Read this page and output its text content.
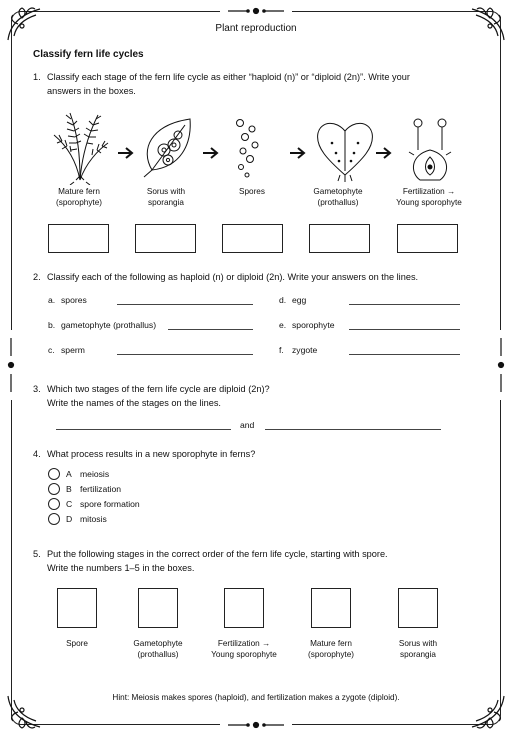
Plant reproduction
Classify fern life cycles
1. Classify each stage of the fern life cycle as either “haploid (n)” or “diploid (2n)”. Write your
answers in the boxes.
Mature fern
(sporophyte)
Sorus with
sporangia
Spores	Gametophyte
(prothallus)
Fertilization →
Young sporophyte
2. Classify each of the following as haploid (n) or diploid (2n). Write your answers on the lines.
a. spores	d. egg
b. gametophyte (prothallus)	e. sporophyte
c. sperm	f. zygote
3. Which two stages of the fern life cycle are diploid (2n)?
Write the names of the stages on the lines.
and
4. What process results in a new sporophyte in ferns?
A meiosis
B fertilization
C spore formation
D mitosis
5. Put the following stages in the correct order of the fern life cycle, starting with spore.
Write the numbers 1–5 in the boxes.
Spore	Gametophyte
(prothallus)
Fertilization →
Young sporophyte
Mature fern
(sporophyte)
Sorus with
sporangia
Hint: Meiosis makes spores (haploid), and fertilization makes a zygote (diploid).
